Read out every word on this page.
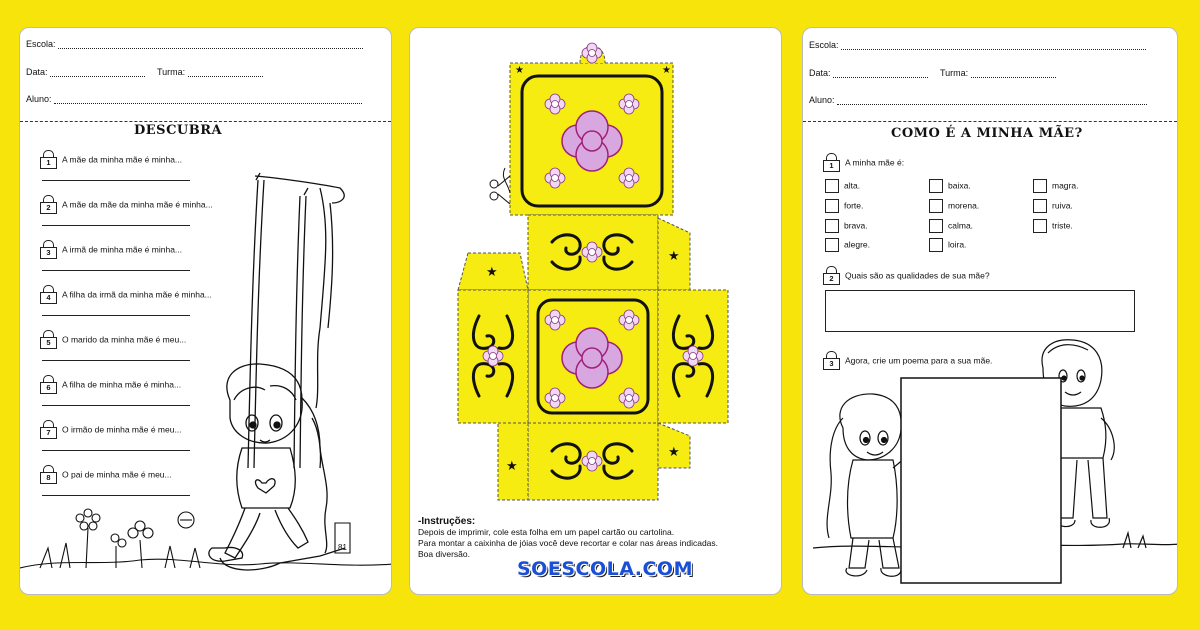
Escola:
Data:	Turma:
Aluno:
DESCUBRA
1	A mãe da minha mãe é minha...
2	A mãe da mãe da minha mãe é minha...
3	A irmã de minha mãe é minha...
4	A filha da irmã da minha mãe é minha...
5	O marido da minha mãe é meu...
6	A filha de minha mãe é minha...
7	O irmão de minha mãe é meu...
8	O pai de minha mãe é meu...
81
★	★
★
★
★
★
-Instruções:
Depois de imprimir, cole esta folha em um papel cartão ou cartolina.
Para montar a caixinha de jóias você deve recortar e colar nas áreas indicadas.
Boa diversão.
SOESCOLA.COM
Escola:
Data:	Turma:
Aluno:
COMO É A MINHA MÃE?
1	A minha mãe é:
alta.	baixa.	magra.
forte.	morena.	ruiva.
brava.	calma.	triste.
alegre.	loira.
2	Quais são as qualidades de sua mãe?
3	Agora, crie um poema para a sua mãe.
